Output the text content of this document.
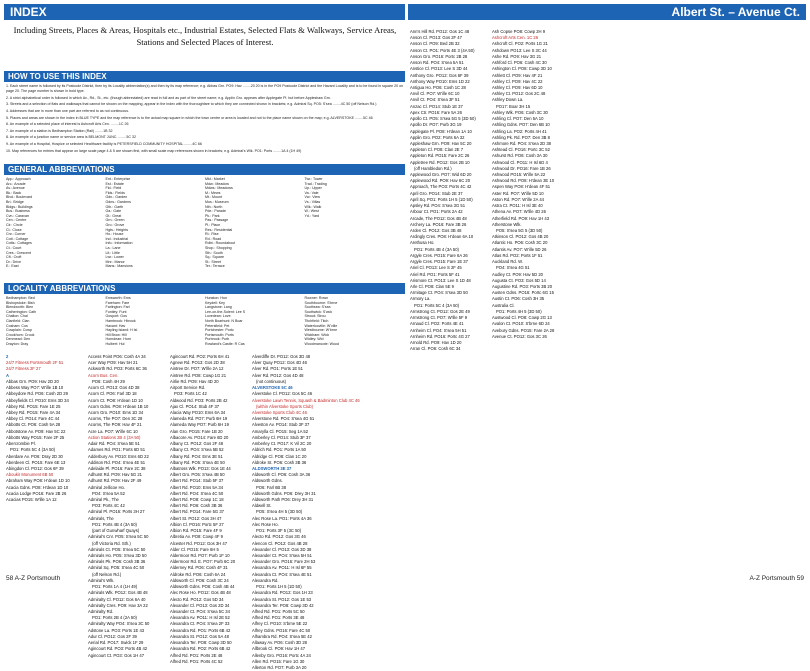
INDEX	Albert St. – Avenue Ct.
Including Streets, Places & Areas, Hospitals etc., Industrial Estates, Selected Flats & Walkways, Service Areas, Stations and Selected Places of Interest.
HOW TO USE THIS INDEX

1. Each street name is followed by its Postcode District, then by its Locality abbreviation(s) and then by its map reference; e.g. Abbas Grn. PO9: Hav ........20 20 is in the PO9 Postcode District and the Havant Locality and is to be found in square 20 on page 20. The page number is shown in bold type.

2. A strict alphabetical order is followed in which Av., Rd., St., etc. (though abbreviated) are read in full and as part of the street name; e.g. Applin Gro. appears after Applegate Pl. but before Appleshaw Grn.

3. Streets and a selection of flats and walkways that cannot be shown on the mapping, appear in the index with the thoroughfare to which they are connected shown in brackets; e.g. Admiral Sq. PO5: S'sea ........4C 50 (off Nelson Rd.)

4. Addresses that are in more than one part are referred to as not continuous.

5. Places and areas are shown in the index in BLUE TYPE and the map reference is to the actual map square in which the town centre or area is located and not to the place name shown on the map; e.g. ALVERSTOKE ........5C 46

6. An example of a selected place of interest is Ashcroft Arts Cen. ........1C 26

7. An example of a station is Bedhampton Station (Rail) ........1B 32

8. An example of a junction name or service area is BELMONT JUNC. ........5C 32

9. An example of a Hospital, Hospice or selected Healthcare facility is PETERSFIELD COMMUNITY HOSPITAL ........4C 66

10. Map references for entries that appear on large scale page 4 & 5 are shown first, with small scale map references shown in brackets; e.g. Admiral's Wlk. PO1: Ports ........1A 4 (1H 49)

GENERAL ABBREVIATIONS
App.: Approach
Arc.: Arcade
Av.: Avenue
Bk.: Back
Blvd.: Boulevard
Bri.: Bridge
Bldgs.: Buildings
Bus.: Business
Cvn.: Caravan
Cen.: Centre
Cir.: Circle
Cl.: Close
Cnr.: Corner
Cott.: Cottage
Cotts.: Cottages
Ct.: Court
Cres.: Crescent
Cft.: Croft
Dr.: Drive
E.: East
Ent.: Enterprise
Est.: Estate
Fld.: Field
Flds.: Fields
Gdn.: Garden
Gdns.: Gardens
Gth.: Garth
Ga.: Gate
Gt.: Great
Grn.: Green
Gro.: Grove
Hgts.: Heights
Ho.: House
Ind.: Industrial
Info.: Information
La.: Lane
Lit.: Little
Lwr.: Lower
Mnr.: Manor
Mans.: Mansions
Mkt.: Market
Mdw.: Meadow
Mdws.: Meadows
M.: Mews
Mt.: Mount
Mus.: Museum
Nth.: North
Pde.: Parade
Pk.: Park
Pas.: Passage
Pl.: Place
Res.: Residential
Ri.: Rise
Rd.: Road
Rdbt.: Roundabout
Shop.: Shopping
Sth.: South
Sq.: Square
St.: Street
Ter.: Terrace
Twr.: Tower
Trad.: Trading
Up.: Upper
Va.: Vale
Vw.: View
Vs.: Villas
Wlk.: Walk
W.: West
Yd.: Yard
LOCALITY ABBREVIATIONS
Bedhampton: Bed
Bishopstoke: Bish
Blendworth: Blen
Catherington: Cath
Chalton: Chal
Clanfield: Clan
Cosham: Cos
Cowplain: Cowp
Crookhorn: Crook
Denmead: Den
Drayton: Dray
Emsworth: Ems
Fareham: Fare
Farlington: Farl
Funtley: Funt
Gosport: Gos
Hambrook: Hbrook
Havant: Hav
Hayling Island: H Isl
Hill Brow: Hill
Horndean: Horn
Hulbert: Hul
Hunston: Hun
Keydell: Key
Langstone: Lang
Lee-on-the-Solent: Lee S
Lovedean: Love
North Boarhunt: N Boar
Petersfield: Pet
Portchester: Portc
Portsmouth: Ports
Purbrook: Purb
Rowland's Castle: R Cas
Rowner: Rown
Southbourne: S'brne
Southsea: S'sea
Southwick: S'wck
Stroud: Strou
Titchfield: Titch
Waterlooville: W'ville
Westbourne: W'brne
Wickham: Wick
Widley: Wid
Woodmancote: Wood
2
24/7 Fitness Portsmouth 2F 51
24/7 Fitness 2F 27
A
Abbas Grn. PO9: Hav 2D 20
Abbess Way PO7: W'ille 1B 10
Abbeydore Rd. PO6: Cosh 2D 29
Abbeyfields Cl. PO10: Ems 3D 34
Abbey Rd. PO15: Fare 1E 25
Abbey Rd. PO15: Fare 4A 34
Abbey Cl. PO14: Fare 4C 44
Abbotts Ct. PO6: Cosh 5A 28
Abbotstone Av. PO9: Hav 5C 22
Abbotts Way PO15: Fare 2F 25
Abercrombie Pl.
PO1: Ports 5C 4 (3A 50)
Aberdare Av. PO6: Dray 2D 30
Aberdeen Cl. PO15: Fare 6E 13
Abingdon Cl. PO12: Gos 6F 39
Aboukir Monument 6B 50
Abraham Way PO8: H'dean 1D 10
Acacia Gdns. PO8: H'dean 1D 10
Acacia Lodge PO16: Fare 2B 26
Acacias PO15: W'ille 1A 12
Access Point PO6: Cosh 4A 34
Acer Way PO9: Hav 5H 21
Ackworth Rd. PO3: Ports 6C 36
Acorn Bus. Cen.
PO6: Cosh 4H 29
Acorn Cl. PO13: Gos 4D 38
Acorn Cl. PO6: Farl 3D 18
Acorn Ct. PO8: H'dean 1D 10
Acorn Gdns. PO8: H'dean 1B 10
Acorn Gro. PO10: Ems 1D 34
Acorns, The PO7: Den 3C 28
Acorns, The PO9: Hav 4F 21
Acre La. PO7: W'ille 6C 10
Action Stations 2B 4 (3A 50)
Adair Rd. PO4: S'sea 5E 51
Adames Rd. PO1: Ports 6D 51
Adderbury Av. PO10: Ems 6D 22
Addison Rd. PO4: S'sea 4E 51
Adelaide Pl. PO16: Fare 2C 38
Adhurst Rd. PO9: Hav 5G 21
Adhurst Rd. PO9: Hav 2F 49
Admiral Jellicoe Ho.
PO4: S'sea 5A 52
Admiral Pk., The
PO3: Ports 4C 42
Admiral Pl. PO16: Ports 3H 27
Admirals, The
PO1: Ports 4B 4 (3A 50)
(part of Gunwharf Quays)
Admiral's Cnr. PO5: S'sea 5C 50
(off Victoria Rd. Sth.)
Admirals Ct. PO5: S'sea 5C 50
Admirals Ho. PO5: S'sea 3D 50
Admirals Pk. PO6: Cosh 3B 36
Admiral Sq. PO5: S'sea 4C 50
(off Nelson Rd.)
Admiral's Wlk.
PO1: Ports 1A 4 (1H 49)
Admirals Wlk. PO12: Gos 4B 48
Admiralty Cl. PO12: Gos 6A 40
Admiralty Cres. PO9: Hav 3A 22
Admiralty Rd.
PO1: Ports 2B 4 (2A 50)
Admiralty Way PO4: S'sea 3C 50
Adstone La. PO3: Ports 1E 43
Adur Cl. PO12: Gos 2F 39
Aerial Rd. PO17: Swick 1F 29
Agincourt Rd. PO3: Ports 4B 42
Agincourt Ct. PO3: Gos 1H 47
Agincourt Rd. PO2: Ports 6H 41
Agnew Rd. PO13: Gos 2D 38
Aintree Dr. PO7: W'ille 2A 12
Aintree Rd. PO8: Cowp 1G 21
Airlie Rd. PO9: Hav 4D 20
Airport Service Rd.
PO3: Ports 1C 42
Aldwood Rd. PO3: Ports 2B 42
Ajax Cl. PO14: Stub 4F 37
Alacia Way PO10: Ems 6A 34
Alameda Rd. PO7: Purb 6H 19
Alameda Way PO7: Purb 6H 19
Alan Gro. PO15: Fare 1B 20
Albacore Av. PO14: Fare 6D 20
Albany Ct. PO12: Gos 2F 48
Albany Ct. PO4: S'sea 5B 52
Albany Rd. PO4: Ems 3E 51
Albany Rd. PO5: S'sea 4E 50
Albatross Wlk. PO13: Gos 1E 44
Albert Gro. PO5: S'sea 4B 50
Albert Rd. PO14: Stub 5F 37
Albert Rd. PO10: Ems 5A 34
Albert Rd. PO4: S'sea 4C 50
Albert Rd. PO8: Cowp 1C 18
Albert Rd. PO6: Cosh 3B 36
Albert Rd. PO14: Fare 5G 37
Albert St. PO12: Gos 3H 47
Albion Cl. PO16: Portc 5F 27
Albion Rd. PO15: Fare 4F 9
Albretia Av. PO8: Cowp 4F 9
Alcester Rd. PO12: Gos 3H 47
Alder Cl. PO15: Fare 6H 5
Aldermoor Rd. PO7: Purb 1F 10
Aldermoor Rd. E. PO7: Purb 6C 20
Alderney Rd. PO6: Cosh 4F 31
Aldroke Rd. PO6: Cosh 6A 24
Aldsworth Cl. PO6: Cosh 3C 24
Aldsworth Gdns. PO6: Cosh 4B 44
Alec Rose Ho. PO12: Gos 4B 48
Alecto Rd. PO12: Gos 5D 34
Alexander Cl. PO13: Gos 2D 34
Alexander Ct. PO4: S'sea 5C 34
Alexandra Av. PO11: H Isl 2E 52
Alexandra Ct. PO4: S'sea 2F 33
Alexandra Rd. PO1: Ports 6B 42
Alexandra St. PO12: Gos 5A 48
Alexandra Ter. PO8: Cowp 3D 50
Alexandra Rd. PO2: Ports 6B 42
Alfred Rd. PO1: Ports 2E 48
Alfred Rd. PO1: Ports 4C 52
Alverdiffe Dr. PO12: Gos 3D 48
Alver Quay PO12: Gos 4D 46
Alver Rd. PO1: Ports 1E 51
Alver Rd. PO12: Gos 4D 48
(not continuous)
ALVERSTOKE 5C 46
Alverstoke Cl. PO12: Gos 5C 46
Alverstoke Lawn Tennis, Squash & Badminton Club 4C 46
(within Alverstoke Sports Club)
Alverstoke Sports Club 4C 46
Alverstone Rd. PO4: S'sea 4G 51
Alveston Av. PO14: Stub 3F 37
Amarylla Cl. PO15: Seg 1A 52
Amberley Cl. PO14: Stub 3F 37
Amberley Ct. PO17: K Vil 2C 20
Aldrich Rd. PO1: Ports 1A 50
Aldridge Cl. PO8: Clan 1C 20
Aldroke St. PO6: Cosh 3B 36
ALDSWORTH 3E 37
Aldsworth Cl. PO6: Cosh 3A 36
Aldsworth Gdns.
PO6: Farl 6B 38
Aldsworth Gdns. PO6: Drey 3H 31
Aldsworth Path PO6: Drey 3H 31
Aldwell St.
PO5: S'sea 4H 5 (3D 50)
Alec Rose La. PO1: Ports 4A 36
Alec Rose Ho.
PO1: Ports 3F 5 (3C 50)
Alecto Rd. PO12: Gos 3G 46
Alencon Cl. PO12: Gos 4B 28
Alexander Cl. PO13: Gos 3D 38
Alexander Ct. PO4: S'sea 5H 51
Alexander Gro. PO16: Fare 2H 53
Alexandra Av. PO11: H Isl 6F 55
Alexandra Ct. PO4: S'sea 4E 51
Alexandra Rd.
PO1: Ports 1H 5 (1D 50)
Alexandra Rd. PO12: Gos 1H 23
Alexandra St. PO12: Gos 1E 53
Alexandra Ter. PO8: Cowp 3D 42
Alfred Rd. PO1: Ports 5C 50
Alfred Rd. PO1: Ports 3E 48
Alfrey Cl. PO10: S'brne 5E 22
Alfrey Gdns. PO16: Fare 4C 50
Alhambra Rd. PO4: S'sea 5E 42
Allaway Av. PO6: Cosh 3D 28
Allbrook Cl. PO9: Hav 1H 47
Allenby Gro. PO16: Portc 4A 24
Allen Rd. PO15: Fare 1G 30
Allerton Rd. PO7: Purb 3A 20
Ann's Hill Rd. PO12: Gos 1C 48
Anson Cl. PO13: Gos 2F 47
Anson Cl. PO9: Bed 2B 32
Anson Ct. PO1: Ports 4E 3 (4A 50)
Anson Gro. PO16: Portc 2B 28
Anson Rd. PO4: S'sea 5A 51
Anstice Cl. PO13: Lee S 3D 44
Anthony Gro. PO12: Gos 6F 39
Anthony Way PO10: Ems 1D 22
Antigua Ho. PO6: Cosh 1C 28
Anvil Cl. PO7: W'ille 6C 10
Anvil Ct. PO4: S'sea 3F 51
Anzac Cl. PO14: Stub 1E 37
Apex Ctr. PO16: Fare 5A 26
Apollo Ct. PO5: S'sea 5G 5 (3D 50)
Apollo Dr. PO7: Purb 3G 19
Applegate Pl. PO8: H'dean 1A 10
Applin Gro. PO2: Ports 6A 32
Appleshaw Grn. PO9: Hav 5C 20
Appleton Cl. PO8: Clan 2E 7
Appleton Rd. PO15: Fare 2C 26
Appletree Rd. PO12: Gos 2B 10
(off Hambledon Rd.)
Applewood Gro. PO7: Wid 6D 20
Applewood Rd. PO9: Hav 6C 20
Approach, The PO3: Ports 4C 42
April Gro. PO14: Stub 2E 37
April Sq. PO1: Ports 1H 5 (1D 50)
Apsley Rd. PO4: S'sea 3G 51
Arbour Ct. PO1: Ports 2A 42
Arcade, The PO12: Gos 4B 48
Archery La. PO16: Fare 3B 26
Arden Cl. PO12: Gos 3B 48
Ardingly Cres. PO8: H'dean 6A 10
Arethusa Ho.
PO1: Ports 4B 4 (3A 50)
Argyle Cres. PO15: Fare 6A 26
Argyle Cres. PO15: Fare 1E 37
Ariel Cl. PO13: Lee S 2F 45
Ariel Rd. PO1: Ports 5F 41
Arismore Ct. PO13: Lee S 1D 48
Arle Cl. PO8: Clan 5E 9
Armitage Ct. PO4: S'sea 3D 50
Armory La.
PO1: Ports 5C 4 (3A 50)
Armstrong Ct. PO12: Gos 2E 49
Armstrong Ct. PO7: W'ille 5F 9
Arnaud Cl. PO2: Ports 4E 41
Arnheim Cl. PO4: S'sea 5H 51
Arnheim Rd. PO16: Portc 4G 27
Arnold Rd. PO9: Hav 1D 20
Arran Cl. PO6: Cosh 6C 34
Ash Copse PO8: Cowp 2H 9
Ashcroft Arts Cen. 1C 26
Ashcroft Cl. PO2: Ports 1G 21
Ashdown PO13: Lee S 3C 44
Ashe Rd. PO9: Hav 3G 21
Ashford Cl. PO6: Cosh 4C 30
Ashington Cl. PO8: Cowp 3D 10
Ashlett Cl. PO9: Hav 4F 21
Ashley Cl. PO9: Hav 4C 22
Ashley Cl. PO9: Hav 6D 10
Ashley Ct. PO12: Gos 2C 48
Ashley Down La.
PO17: Boar 3H 15
Ashley Wlk. PO6: Cosh 3C 30
Ashling Cl. PO7: Den 5A 10
Ashling Gdns. PO7: Den 6B 10
Ashling La. PO2: Ports 4H 41
Ashling Pk. Rd. PO7: Den 3B 8
Ashmore Rd. PO4: S'sea 2D 38
Ashtead Cl. PO16: Portc 3C 52
Ashurst Rd. PO6: Cosh 3A 30
Ashwood Cl. PO11: H Isl 6D 4
Ashwood Dr. PO16: Fare 1B 26
Ashwood PO15: W'ille 5A 22
Ashwood Rd. PO8: H'dean 3E 10
Aspen Way PO8: H'dean 4F 51
Aster Rd. PO7: W'ille 5D 10
Aston Rd. PO7: W'ille 2A 44
Astra Ct. PO11: H Isl 3E 40
Athena Av. PO7: W'ille 4D 26
Atherfield Rd. PO9: Hav 1H 43
Atherstone Wlk.
PO5: S'sea 5G 5 (3D 50)
Atkinson Cl. PO12: Gos 4B 20
Atlantic Ho. PO6: Cosh 3C 20
Atlantis Av. PO7: W'ille 5D 26
Atlas Rd. PO2: Ports 1F 51
Auckland Rd. W.
PO4: S'sea 4G 51
Audley Ct. PO9: Hav 5D 20
Augusta Ct. PO3: Gos 5D 14
Augustine Rd. PO3: Ports 3B 20
Austen Gdns. PO16: Portc 6G 15
Austin Ct. PO6: Cosh 3H 35
Australia Cl.
PO1: Ports 4H 5 (3D 50)
Austwood Cl. PO8: Cowp 2G 13
Avalon Ct. PO10: S'brne 6D 24
Avebury Gdns. PO15: Fare 2A 28
Avenue Ct. PO12: Gos 3C 26
58 A-Z Portsmouth	A-Z Portsmouth 59
